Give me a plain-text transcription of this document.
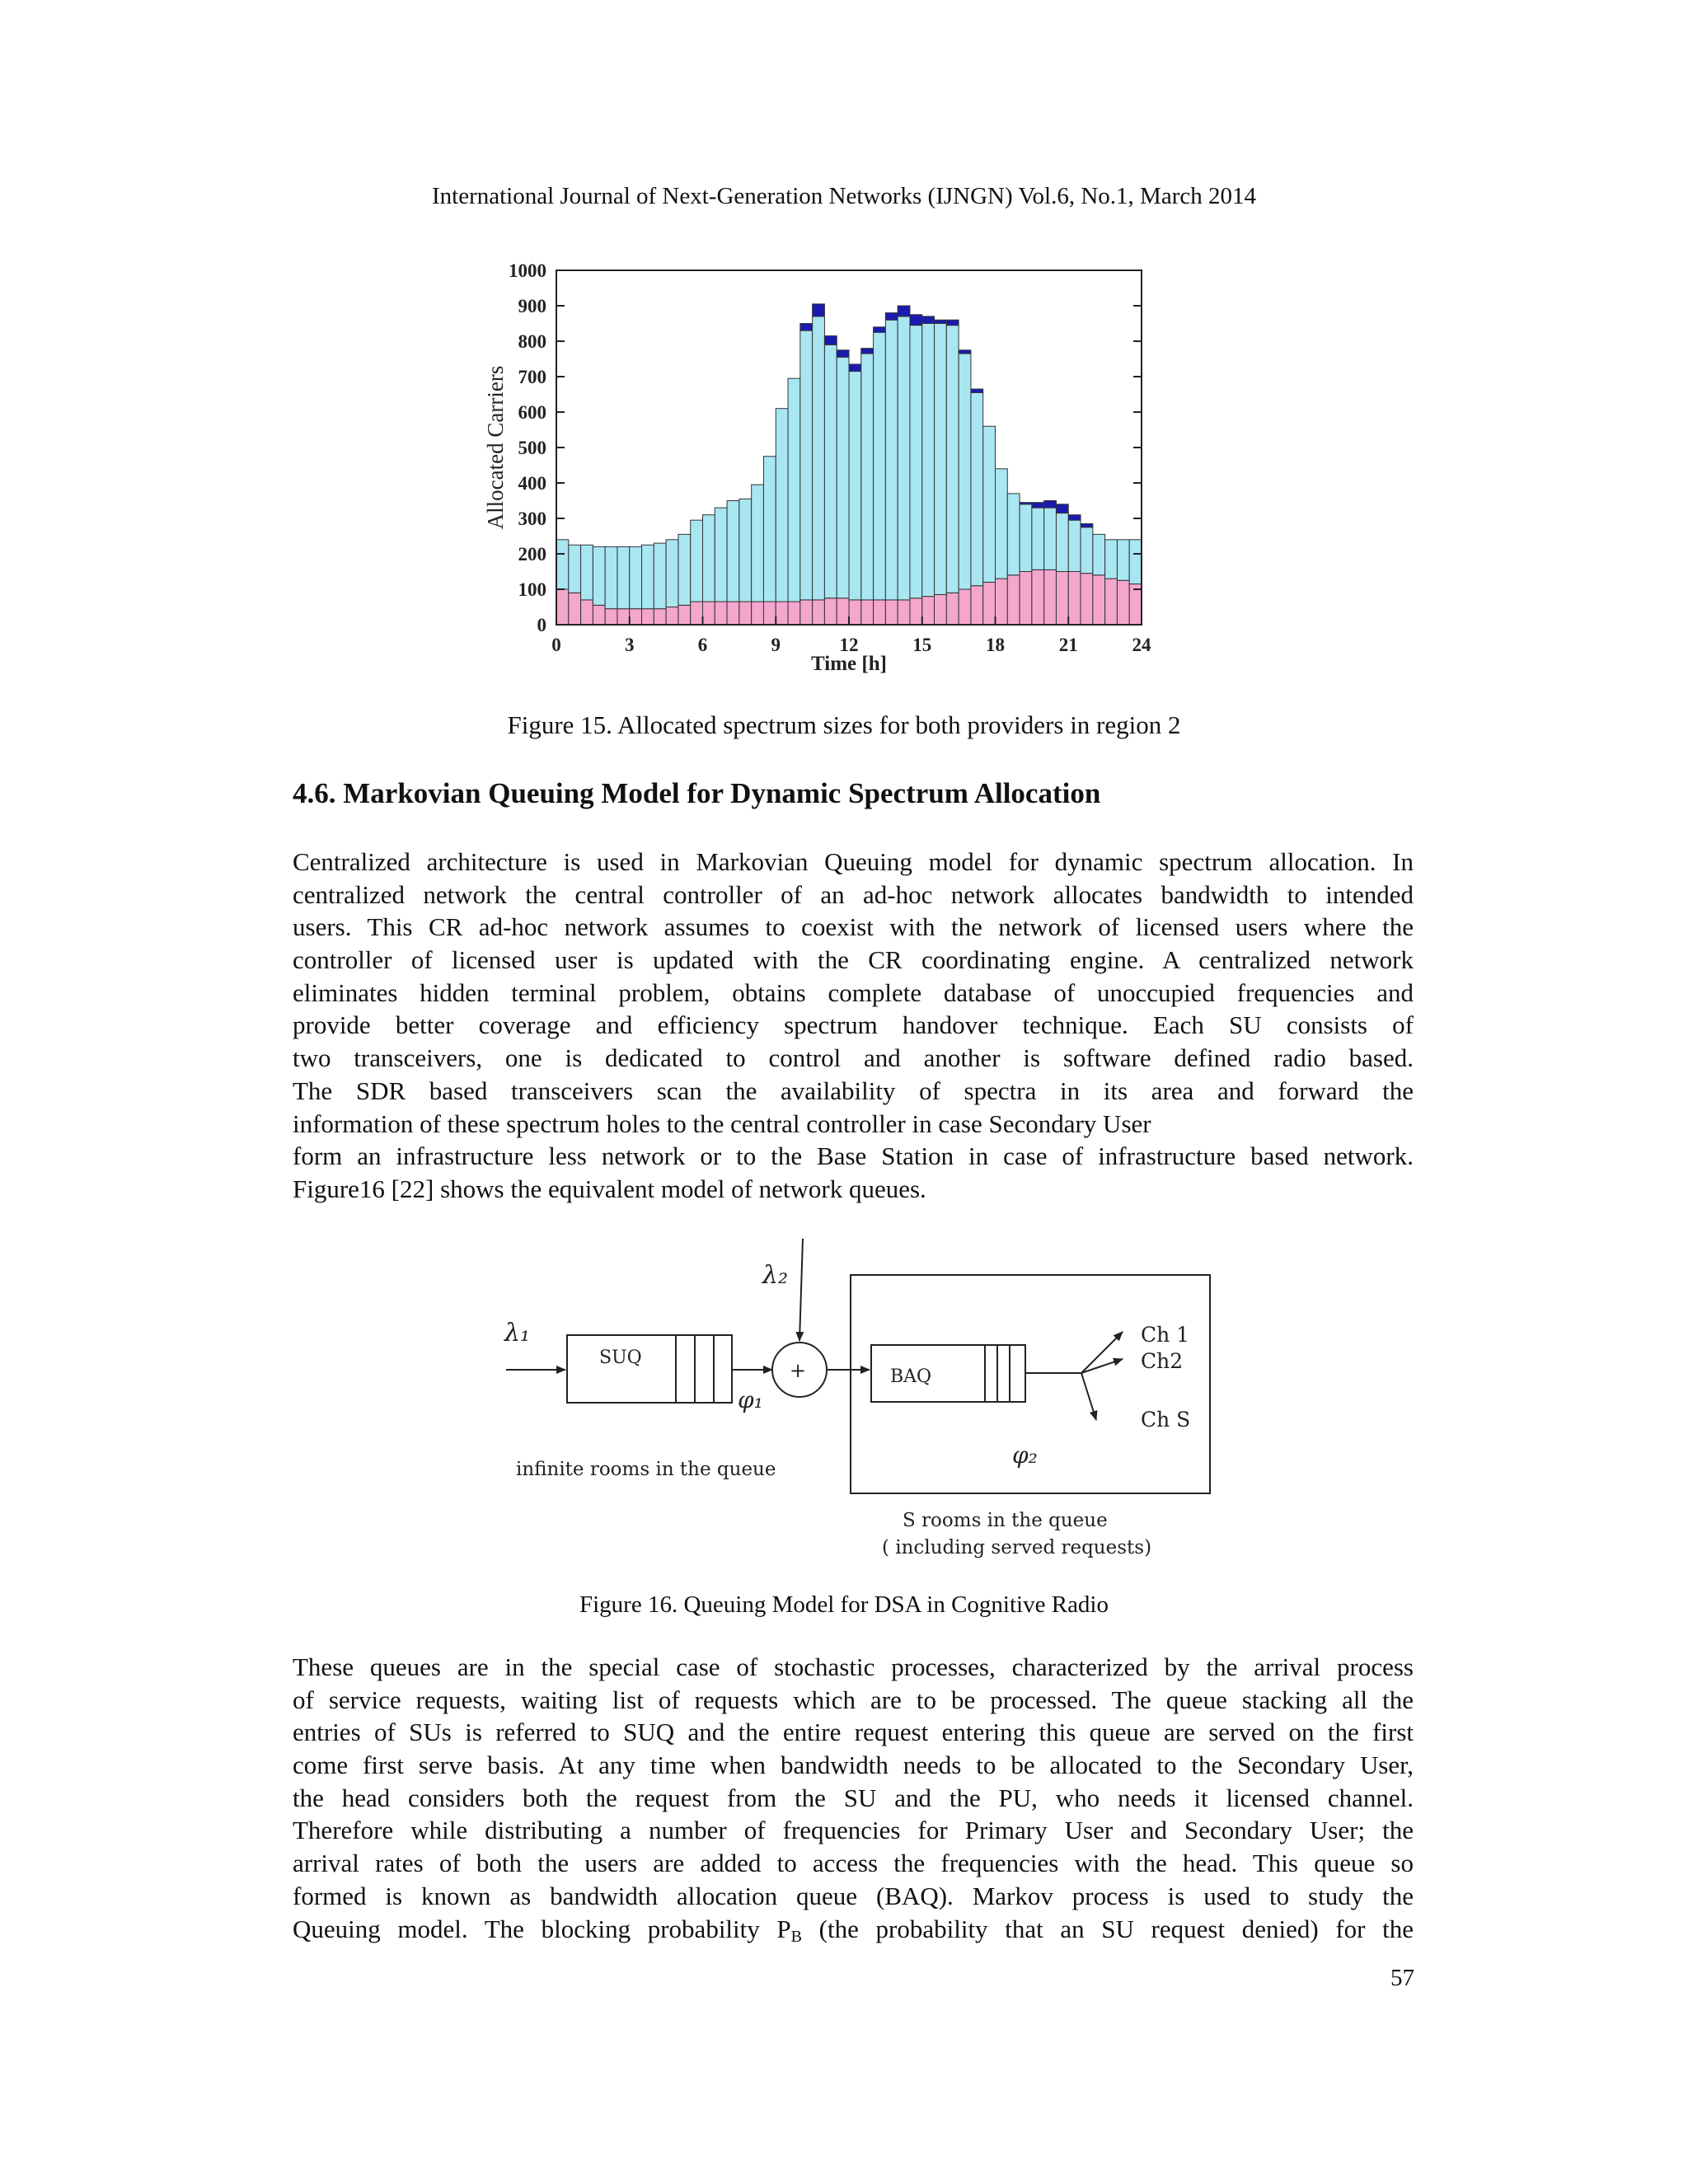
International Journal of Next-Generation Networks (IJNGN) Vol.6, No.1, March 2014
0
100
200
300
400
500
600
700
800
900
1000
0	3	6	9	12	15	18	21	24
Allocated Carriers
Time [h]
Figure 15. Allocated spectrum sizes for both providers in region 2
4.6. Markovian Queuing Model for Dynamic Spectrum Allocation
Centralized architecture is used in Markovian Queuing model for dynamic spectrum allocation. In
centralized network the central controller of an ad-hoc network allocates bandwidth to intended
users. This CR ad-hoc network assumes to coexist with the network of licensed users where the
controller of licensed user is updated with the CR coordinating engine. A centralized network
eliminates hidden terminal problem, obtains complete database of unoccupied frequencies and
provide better coverage and efficiency spectrum handover technique. Each SU consists of
two transceivers, one is dedicated to control and another is software defined radio based.
The SDR based transceivers scan the availability of spectra in its area and forward the
information of these spectrum holes to the central controller in case Secondary User
form an infrastructure less network or to the Base Station in case of infrastructure based network.
Figure16 [22] shows the equivalent model of network queues.
λ₁
SUQ
φ₁
+
λ₂
BAQ
Ch 1
Ch2
Ch S
φ₂
infinite rooms in the queue
S rooms in the queue
( including served requests)
Figure 16. Queuing Model for DSA in Cognitive Radio
These queues are in the special case of stochastic processes, characterized by the arrival process
of service requests, waiting list of requests which are to be processed. The queue stacking all the
entries of SUs is referred to SUQ and the entire request entering this queue are served on the first
come first serve basis. At any time when bandwidth needs to be allocated to the Secondary User,
the head considers both the request from the SU and the PU, who needs it licensed channel.
Therefore while distributing a number of frequencies for Primary User and Secondary User; the
arrival rates of both the users are added to access the frequencies with the head. This queue so
formed is known as bandwidth allocation queue (BAQ). Markov process is used to study the
Queuing model. The blocking probability $P_B$ (the probability that an SU request denied) for the
57
